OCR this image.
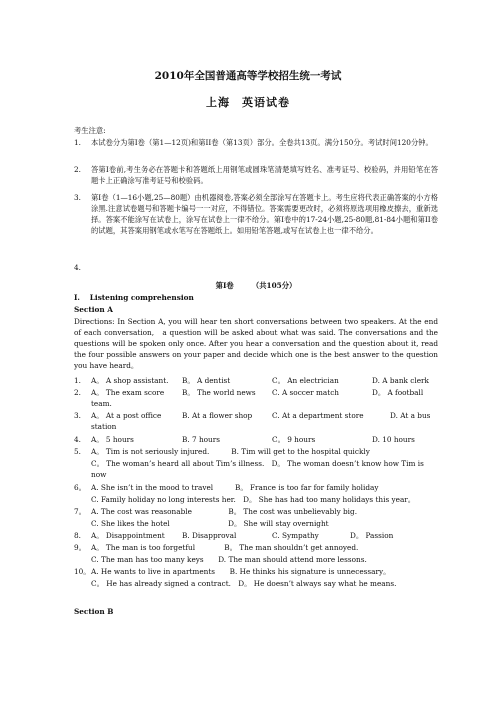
2010年全国普通高等学校招生统一考试
上海　英语试卷
考生注意:
1. 本试卷分为第I卷（第1—12页)和第II卷（第13页）部分。全卷共13页。满分150分。考试时间120分钟。
2. 答第I卷前,考生务必在答题卡和答题纸上用钢笔或圆珠笔清楚填写姓名、准考证号、校验码，并用铅笔在答题卡上正确涂写准考证号和校验码。
3. 第I卷（1—16小题,25—80题）由机器阅卷,答案必须全部涂写在答题卡上。考生应将代表正确答案的小方格涂黑.注意试卷题号和答题卡编号一一对应，不得错位。答案需要更改时，必须将原选项用橡皮擦去，重新选择。答案不能涂写在试卷上，涂写在试卷上一律不给分。第I卷中的17-24小题,25-80题,81-84小题和第II卷的试题，其答案用钢笔或水笔写在答题纸上。如用铅笔答题,或写在试卷上也一律不给分。
4.
第I卷　　　（共105分）
I.　 Listening comprehension
Section A
Directions: In Section A, you will hear ten short conversations between two speakers. At the end of each conversation,　a question will be asked about what was said. The conversations and the questions will be spoken only once. After you hear a conversation and the question about it, read the four possible answers on your paper and decide which one is the best answer to the question you have heard。
1. A。 A shop assistant. B。 A dentist	C。 An electrician	D. A bank clerk
2. A。 The exam score B。 The world news C. A soccer match	D。 A football
team.
3. A。 At a post office	B. At a flower shop	C. At a department store	D. At a bus
station
4. A。 5 hours	B. 7 hours	C。 9 hours	D. 10 hours
5. A。 Tim is not seriously injured.　　　B. Tim will get to the hospital quickly
C。 The woman’s heard all about Tim’s illness.　D。 The woman doesn’t know how Tim is
now
6。 A. She isn’t in the mood to travel　　　B。 France is too far for family holiday
C. Family holiday no long interests her.　D。 She has had too many holidays this year。
7。 A. The cost was reasonable　　　　　B。 The cost was unbelievably big.
C. She likes the hotel　　　　　　　　D。 She will stay overnight
8. A。 Disappointment B. Disapproval	C. Sympathy	D。 Passion
9。 A。 The man is too forgetful　　　　B。 The man shouldn’t get annoyed.
C. The man has too many keys　　D. The man should attend more lessons.
10。 A. He wants to live in apartments　　B. He thinks his signature is unnecessary。
C。 He has already signed a contract.　D。 He doesn’t always say what he means.
Section B
